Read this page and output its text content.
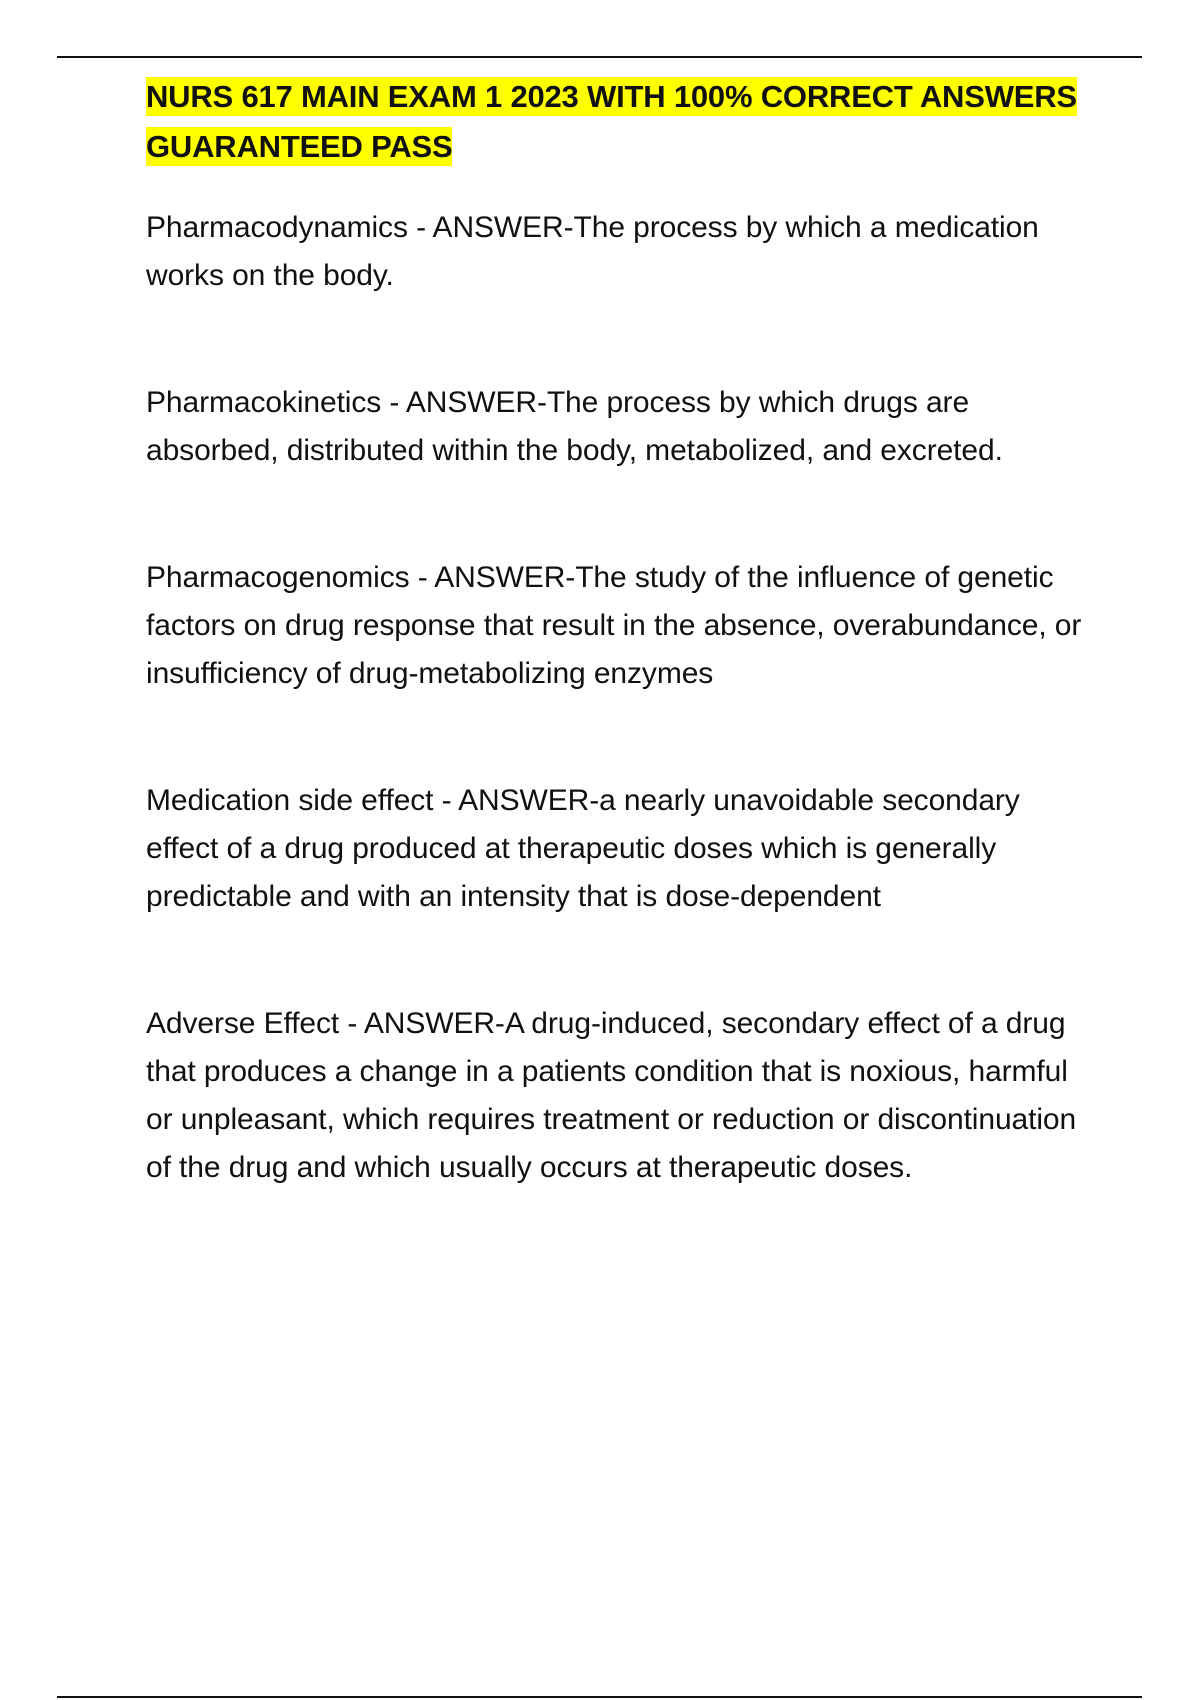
NURS 617 MAIN EXAM 1 2023 WITH 100% CORRECT ANSWERS GUARANTEED PASS

Pharmacodynamics - ANSWER-The process by which a medication works on the body.

Pharmacokinetics - ANSWER-The process by which drugs are absorbed, distributed within the body, metabolized, and excreted.

Pharmacogenomics - ANSWER-The study of the influence of genetic factors on drug response that result in the absence, overabundance, or insufficiency of drug-metabolizing enzymes

Medication side effect - ANSWER-a nearly unavoidable secondary effect of a drug produced at therapeutic doses which is generally predictable and with an intensity that is dose-dependent

Adverse Effect - ANSWER-A drug-induced, secondary effect of a drug that produces a change in a patients condition that is noxious, harmful or unpleasant, which requires treatment or reduction or discontinuation of the drug and which usually occurs at therapeutic doses.
